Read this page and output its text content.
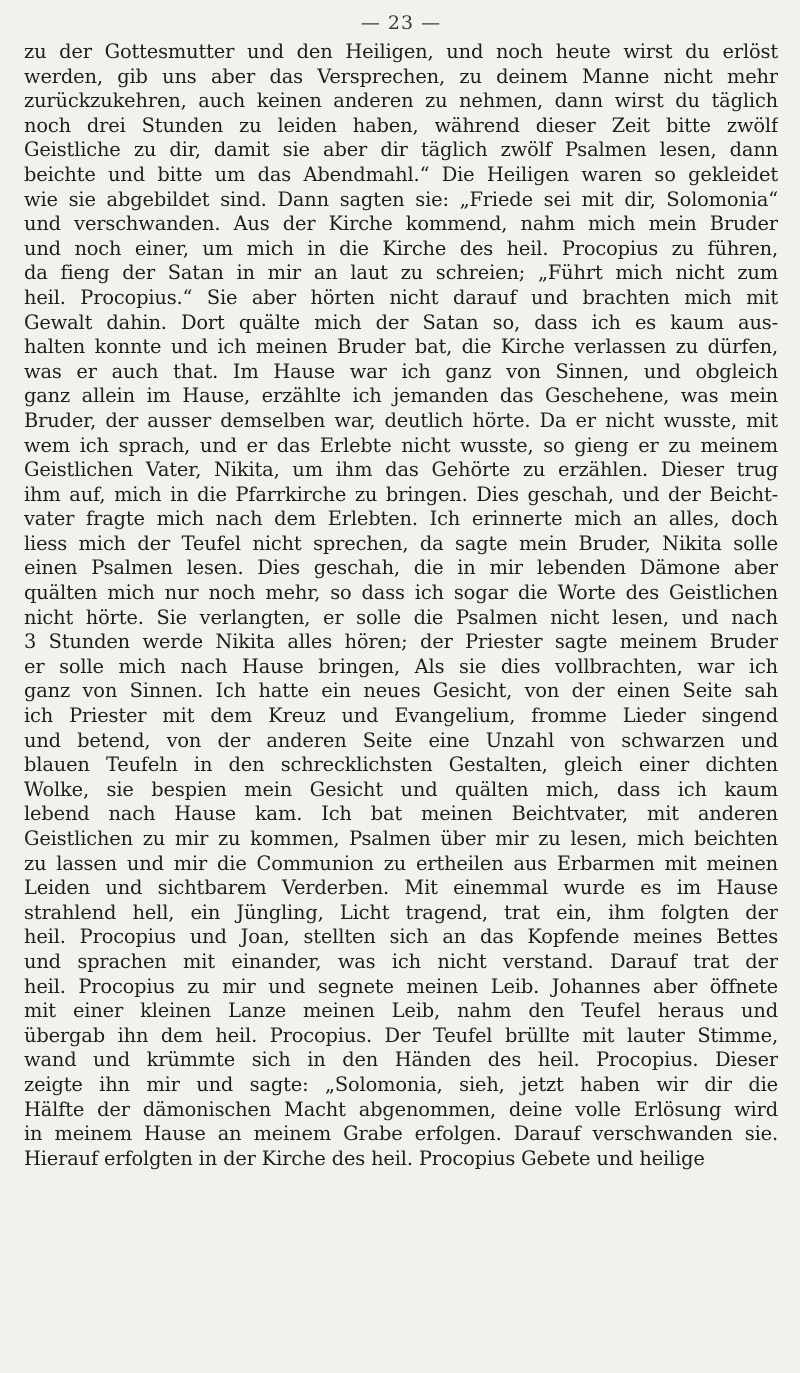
— 23 —
zu der Gottesmutter und den Heiligen, und noch heute wirst du erlöst
werden, gib uns aber das Versprechen, zu deinem Manne nicht mehr
zurückzukehren, auch keinen anderen zu nehmen, dann wirst du täglich
noch drei Stunden zu leiden haben, während dieser Zeit bitte zwölf
Geistliche zu dir, damit sie aber dir täglich zwölf Psalmen lesen, dann
beichte und bitte um das Abendmahl.“ Die Heiligen waren so gekleidet
wie sie abgebildet sind. Dann sagten sie: „Friede sei mit dir, Solomonia“
und verschwanden. Aus der Kirche kommend, nahm mich mein Bruder
und noch einer, um mich in die Kirche des heil. Procopius zu führen,
da fieng der Satan in mir an laut zu schreien; „Führt mich nicht zum
heil. Procopius.“ Sie aber hörten nicht darauf und brachten mich mit
Gewalt dahin. Dort quälte mich der Satan so, dass ich es kaum aus-
halten konnte und ich meinen Bruder bat, die Kirche verlassen zu dürfen,
was er auch that. Im Hause war ich ganz von Sinnen, und obgleich
ganz allein im Hause, erzählte ich jemanden das Geschehene, was mein
Bruder, der ausser demselben war, deutlich hörte. Da er nicht wusste, mit
wem ich sprach, und er das Erlebte nicht wusste, so gieng er zu meinem
Geistlichen Vater, Nikita, um ihm das Gehörte zu erzählen. Dieser trug
ihm auf, mich in die Pfarrkirche zu bringen. Dies geschah, und der Beicht-
vater fragte mich nach dem Erlebten. Ich erinnerte mich an alles, doch
liess mich der Teufel nicht sprechen, da sagte mein Bruder, Nikita solle
einen Psalmen lesen. Dies geschah, die in mir lebenden Dämone aber
quälten mich nur noch mehr, so dass ich sogar die Worte des Geistlichen
nicht hörte. Sie verlangten, er solle die Psalmen nicht lesen, und nach
3 Stunden werde Nikita alles hören; der Priester sagte meinem Bruder
er solle mich nach Hause bringen, Als sie dies vollbrachten, war ich
ganz von Sinnen. Ich hatte ein neues Gesicht, von der einen Seite sah
ich Priester mit dem Kreuz und Evangelium, fromme Lieder singend
und betend, von der anderen Seite eine Unzahl von schwarzen und
blauen Teufeln in den schrecklichsten Gestalten, gleich einer dichten
Wolke, sie bespien mein Gesicht und quälten mich, dass ich kaum
lebend nach Hause kam. Ich bat meinen Beichtvater, mit anderen
Geistlichen zu mir zu kommen, Psalmen über mir zu lesen, mich beichten
zu lassen und mir die Communion zu ertheilen aus Erbarmen mit meinen
Leiden und sichtbarem Verderben. Mit einemmal wurde es im Hause
strahlend hell, ein Jüngling, Licht tragend, trat ein, ihm folgten der
heil. Procopius und Joan, stellten sich an das Kopfende meines Bettes
und sprachen mit einander, was ich nicht verstand. Darauf trat der
heil. Procopius zu mir und segnete meinen Leib. Johannes aber öffnete
mit einer kleinen Lanze meinen Leib, nahm den Teufel heraus und
übergab ihn dem heil. Procopius. Der Teufel brüllte mit lauter Stimme,
wand und krümmte sich in den Händen des heil. Procopius. Dieser
zeigte ihn mir und sagte: „Solomonia, sieh, jetzt haben wir dir die
Hälfte der dämonischen Macht abgenommen, deine volle Erlösung wird
in meinem Hause an meinem Grabe erfolgen. Darauf verschwanden sie.
Hierauf erfolgten in der Kirche des heil. Procopius Gebete und heilige
